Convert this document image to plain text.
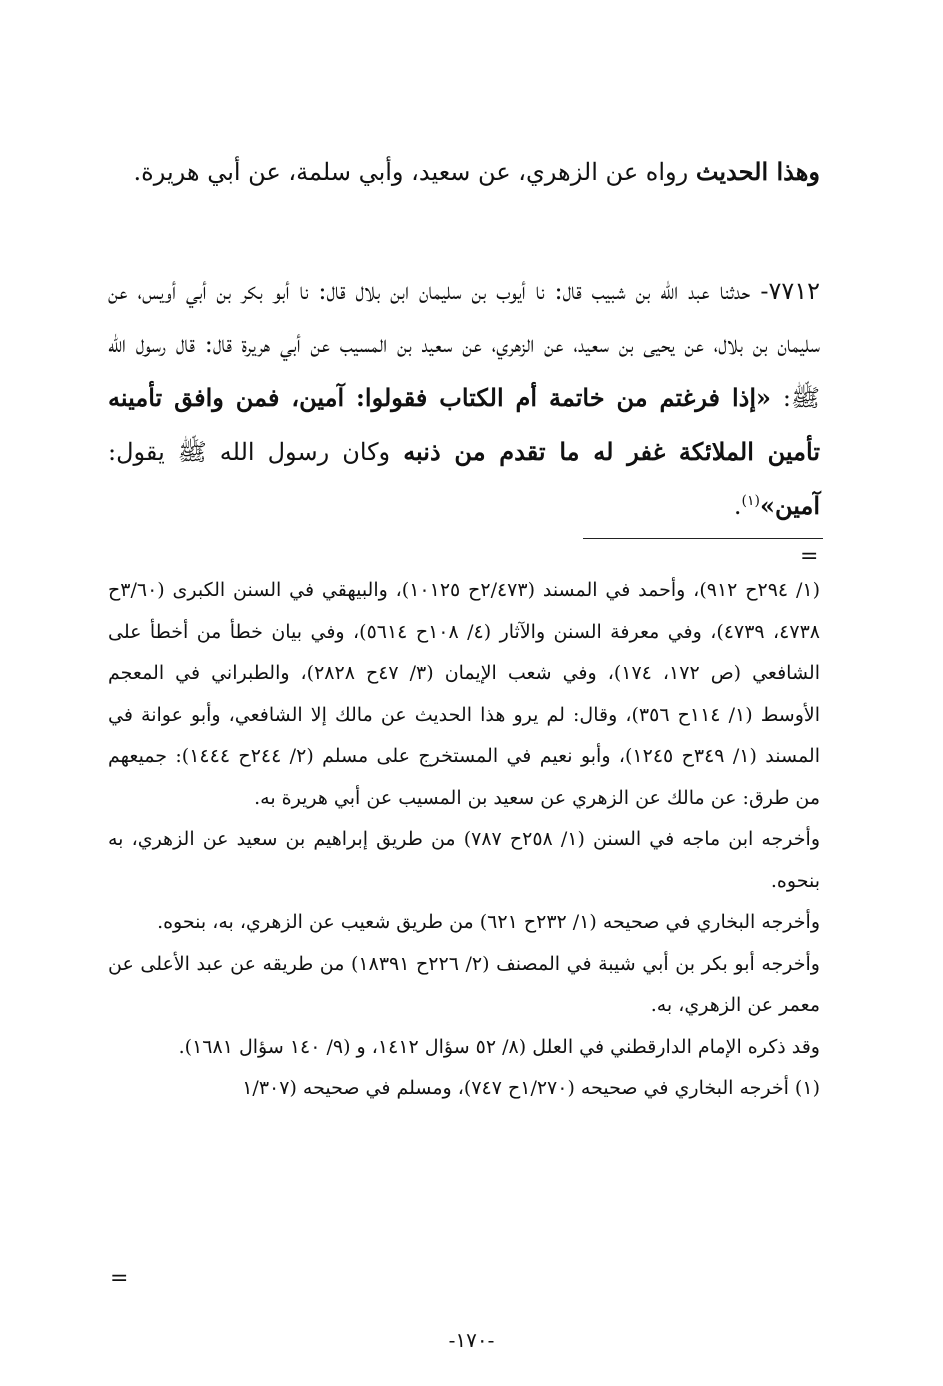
وهذا الحديث رواه عن الزهري، عن سعيد، وأبي سلمة، عن أبي هريرة.

٧٧١٢- حدثنا عبد الله بن شبيب قال: نا أيوب بن سليمان ابن بلال قال: نا أبو بكر بن أبي أويس، عن سليمان بن بلال، عن يحيى بن سعيد، عن الزهري، عن سعيد بن المسيب عن أبي هريرة قال: قال رسول الله ﷺ: «إذا فرغتم من خاتمة أم الكتاب فقولوا: آمين، فمن وافق تأمينه تأمين الملائكة غفر له ما تقدم من ذنبه وكان رسول الله ﷺ يقول: آمين»$^{(١)}$.

=

(١/ ٢٩٤ح ٩١٢)، وأحمد في المسند (٢/٤٧٣ح ١٠١٢٥)، والبيهقي في السنن الكبرى (٣/٦٠ح ٤٧٣٨، ٤٧٣٩)، وفي معرفة السنن والآثار (٤/ ١٠٨ح ٥٦١٤)، وفي بيان خطأ من أخطأ على الشافعي (ص ١٧٢، ١٧٤)، وفي شعب الإيمان (٣/ ٤٧ح ٢٨٢٨)، والطبراني في المعجم الأوسط (١/ ١١٤ح ٣٥٦)، وقال: لم يرو هذا الحديث عن مالك إلا الشافعي، وأبو عوانة في المسند (١/ ٣٤٩ح ١٢٤٥)، وأبو نعيم في المستخرج على مسلم (٢/ ٢٤٤ح ١٤٤٤): جميعهم من طرق: عن مالك عن الزهري عن سعيد بن المسيب عن أبي هريرة به.

وأخرجه ابن ماجه في السنن (١/ ٢٥٨ح ٧٨٧) من طريق إبراهيم بن سعيد عن الزهري، به بنحوه.

وأخرجه البخاري في صحيحه (١/ ٢٣٢ح ٦٢١) من طريق شعيب عن الزهري، به، بنحوه.

وأخرجه أبو بكر بن أبي شيبة في المصنف (٢/ ٢٢٦ح ١٨٣٩١) من طريقه عن عبد الأعلى عن معمر عن الزهري، به.

وقد ذكره الإمام الدارقطني في العلل (٨/ ٥٢ سؤال ١٤١٢، و (٩/ ١٤٠ سؤال ١٦٨١).

(١) أخرجه البخاري في صحيحه (١/٢٧٠ح ٧٤٧)، ومسلم في صحيحه (١/٣٠٧

=
-١٧٠-
